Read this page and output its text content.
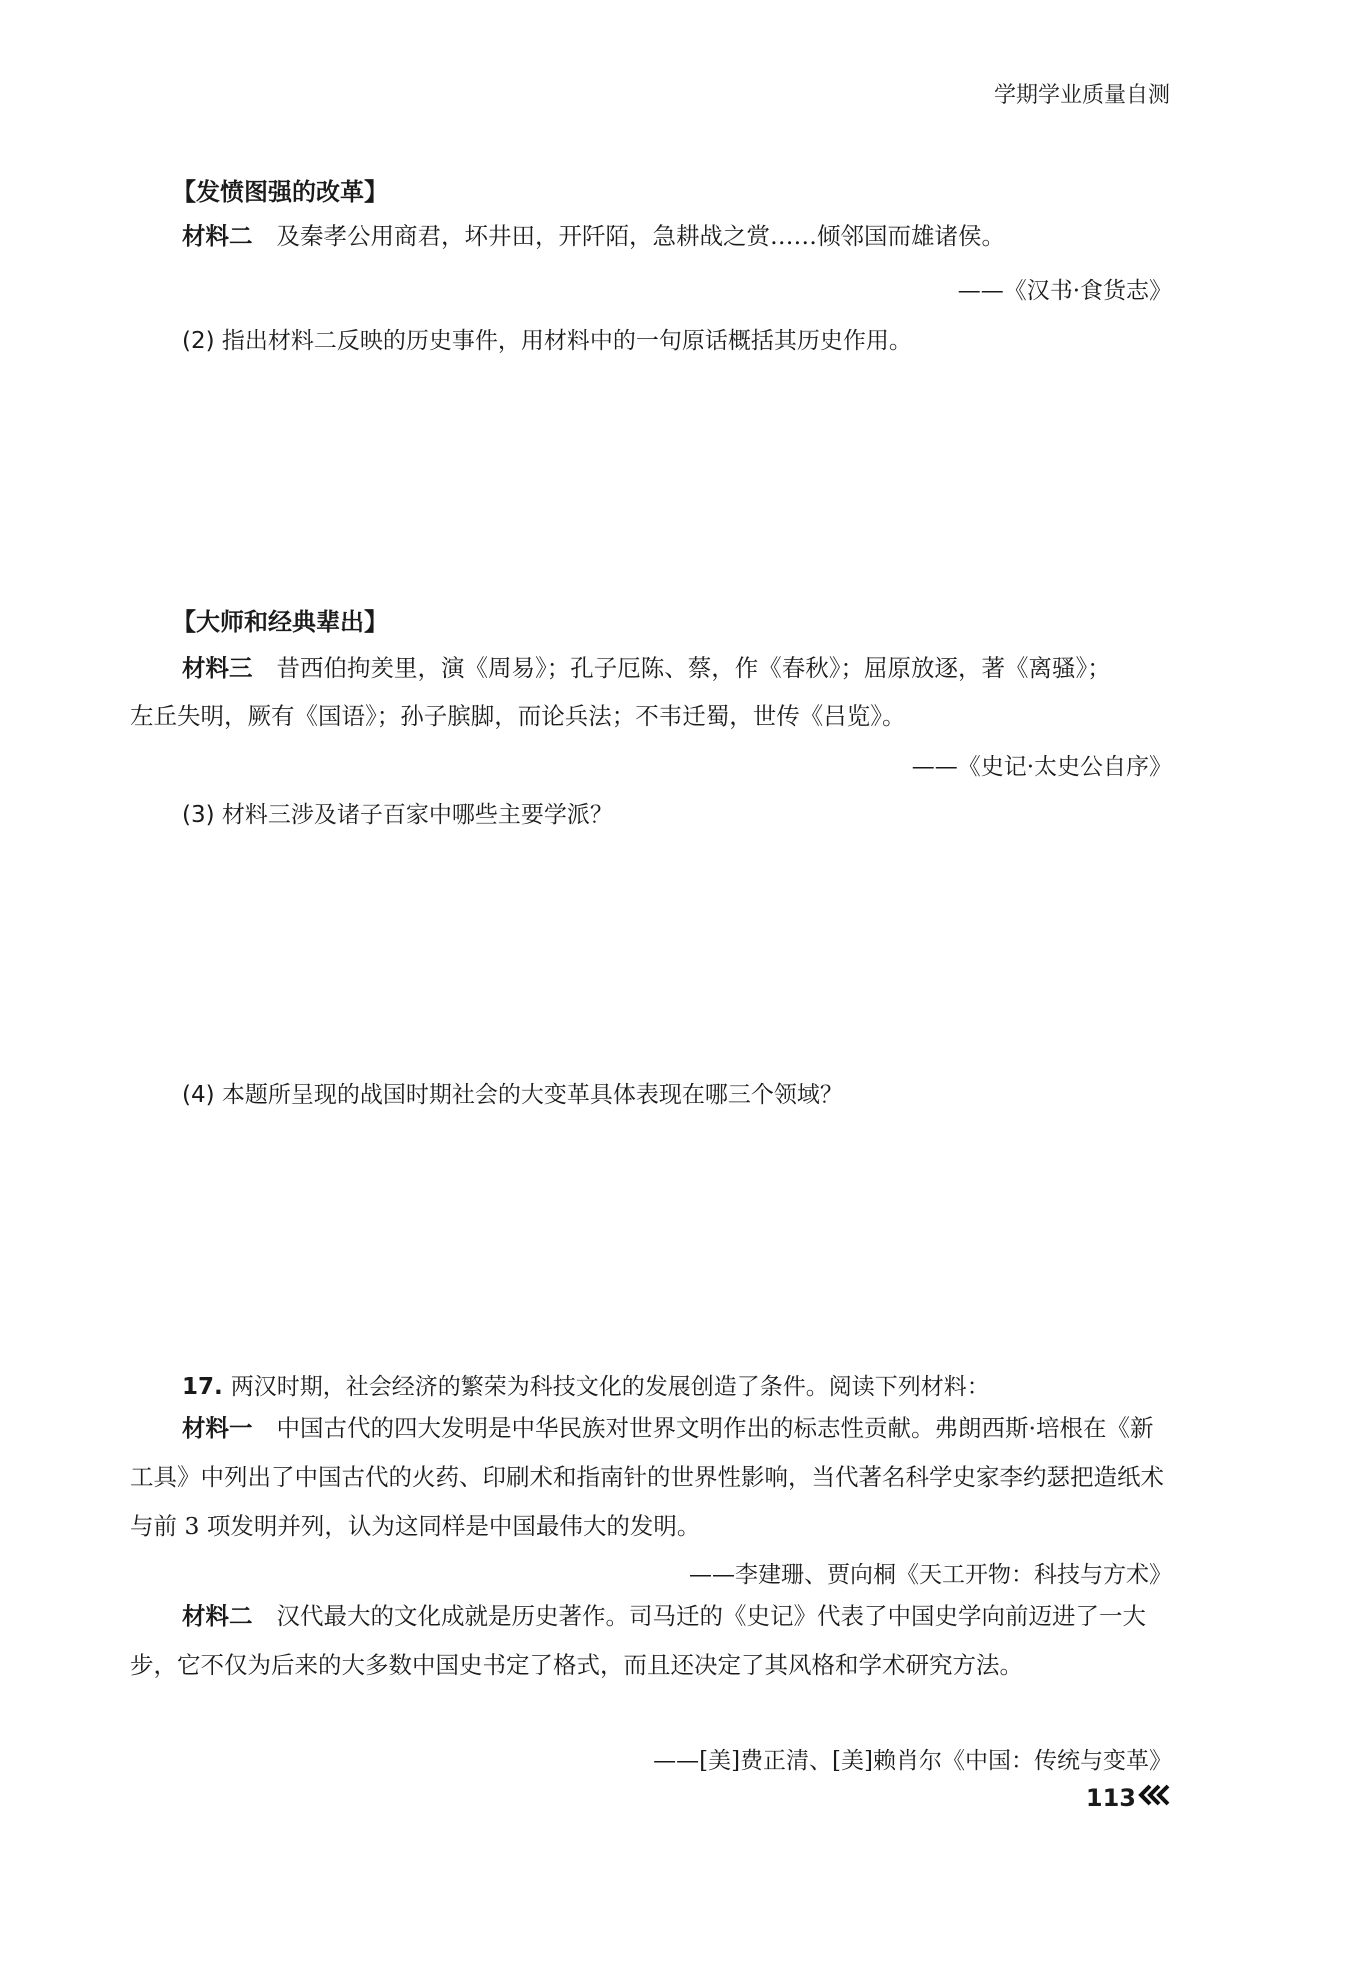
学期学业质量自测
【发愤图强的改革】
材料二 及秦孝公用商君，坏井田，开阡陌，急耕战之赏……倾邻国而雄诸侯。
——《汉书·食货志》
(2) 指出材料二反映的历史事件，用材料中的一句原话概括其历史作用。
【大师和经典辈出】
材料三 昔西伯拘羑里，演《周易》；孔子厄陈、蔡，作《春秋》；屈原放逐，著《离骚》；
左丘失明，厥有《国语》；孙子膑脚，而论兵法；不韦迁蜀，世传《吕览》。
——《史记·太史公自序》
(3) 材料三涉及诸子百家中哪些主要学派？
(4) 本题所呈现的战国时期社会的大变革具体表现在哪三个领域？
17. 两汉时期，社会经济的繁荣为科技文化的发展创造了条件。阅读下列材料：
材料一 中国古代的四大发明是中华民族对世界文明作出的标志性贡献。弗朗西斯·培根在《新工具》中列出了中国古代的火药、印刷术和指南针的世界性影响，当代著名科学史家李约瑟把造纸术与前 3 项发明并列，认为这同样是中国最伟大的发明。
——李建珊、贾向桐《天工开物：科技与方术》
材料二 汉代最大的文化成就是历史著作。司马迁的《史记》代表了中国史学向前迈进了一大步，它不仅为后来的大多数中国史书定了格式，而且还决定了其风格和学术研究方法。
——[美]费正清、[美]赖肖尔《中国：传统与变革》
113
